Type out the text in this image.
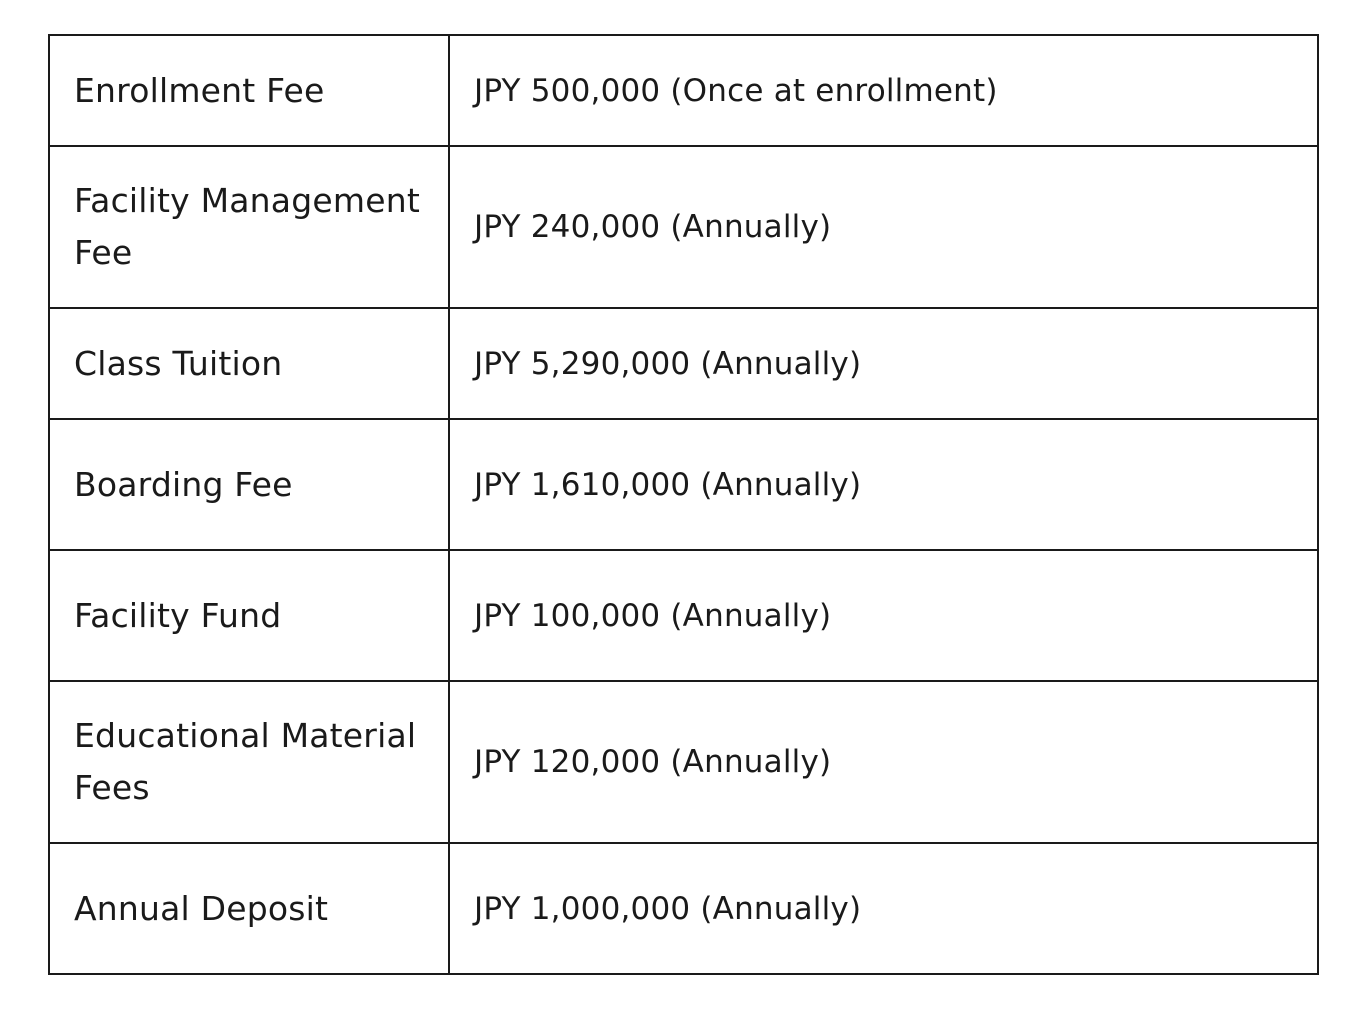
Enrollment Fee	JPY 500,000 (Once at enrollment)
Facility Management Fee	JPY 240,000 (Annually)
Class Tuition	JPY 5,290,000 (Annually)
Boarding Fee	JPY 1,610,000 (Annually)
Facility Fund	JPY 100,000 (Annually)
Educational Material Fees	JPY 120,000 (Annually)
Annual Deposit	JPY 1,000,000 (Annually)
